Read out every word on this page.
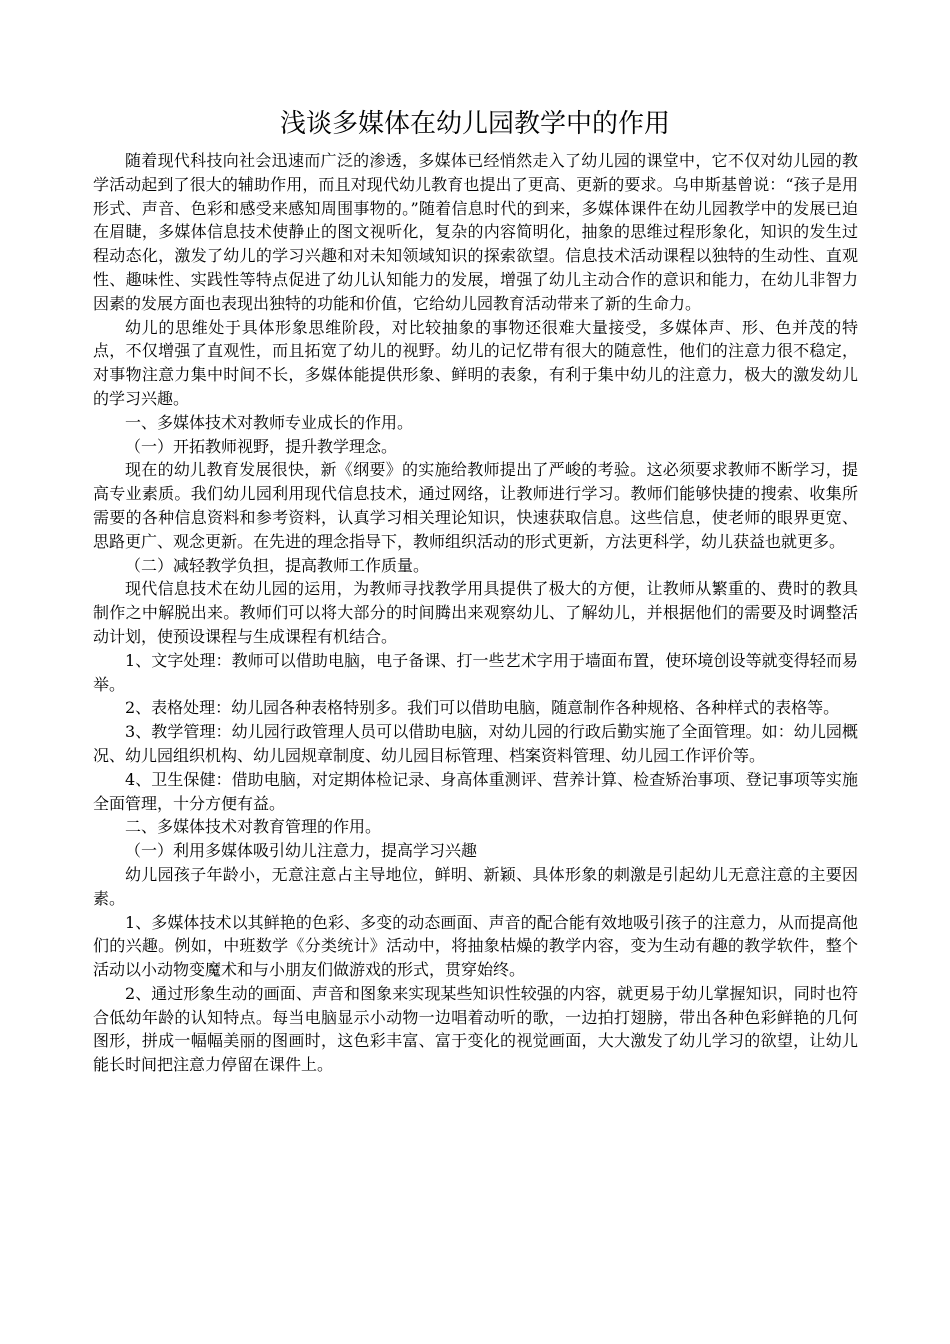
浅谈多媒体在幼儿园教学中的作用

随着现代科技向社会迅速而广泛的渗透，多媒体已经悄然走入了幼儿园的课堂中，它不仅对幼儿园的教学活动起到了很大的辅助作用，而且对现代幼儿教育也提出了更高、更新的要求。乌申斯基曾说：“孩子是用形式、声音、色彩和感受来感知周围事物的。”随着信息时代的到来，多媒体课件在幼儿园教学中的发展已迫在眉睫，多媒体信息技术使静止的图文视听化，复杂的内容简明化，抽象的思维过程形象化，知识的发生过程动态化，激发了幼儿的学习兴趣和对未知领域知识的探索欲望。信息技术活动课程以独特的生动性、直观性、趣味性、实践性等特点促进了幼儿认知能力的发展，增强了幼儿主动合作的意识和能力，在幼儿非智力因素的发展方面也表现出独特的功能和价值，它给幼儿园教育活动带来了新的生命力。

幼儿的思维处于具体形象思维阶段，对比较抽象的事物还很难大量接受，多媒体声、形、色并茂的特点，不仅增强了直观性，而且拓宽了幼儿的视野。幼儿的记忆带有很大的随意性，他们的注意力很不稳定，对事物注意力集中时间不长，多媒体能提供形象、鲜明的表象，有利于集中幼儿的注意力，极大的激发幼儿的学习兴趣。

一、多媒体技术对教师专业成长的作用。

（一）开拓教师视野，提升教学理念。

现在的幼儿教育发展很快，新《纲要》的实施给教师提出了严峻的考验。这必须要求教师不断学习，提高专业素质。我们幼儿园利用现代信息技术，通过网络，让教师进行学习。教师们能够快捷的搜索、收集所需要的各种信息资料和参考资料，认真学习相关理论知识，快速获取信息。这些信息，使老师的眼界更宽、思路更广、观念更新。在先进的理念指导下，教师组织活动的形式更新，方法更科学，幼儿获益也就更多。

（二）减轻教学负担，提高教师工作质量。

现代信息技术在幼儿园的运用，为教师寻找教学用具提供了极大的方便，让教师从繁重的、费时的教具制作之中解脱出来。教师们可以将大部分的时间腾出来观察幼儿、了解幼儿，并根据他们的需要及时调整活动计划，使预设课程与生成课程有机结合。

1、文字处理：教师可以借助电脑，电子备课、打一些艺术字用于墙面布置，使环境创设等就变得轻而易举。

2、表格处理：幼儿园各种表格特别多。我们可以借助电脑，随意制作各种规格、各种样式的表格等。

3、教学管理：幼儿园行政管理人员可以借助电脑，对幼儿园的行政后勤实施了全面管理。如：幼儿园概况、幼儿园组织机构、幼儿园规章制度、幼儿园目标管理、档案资料管理、幼儿园工作评价等。

4、卫生保健：借助电脑，对定期体检记录、身高体重测评、营养计算、检查矫治事项、登记事项等实施全面管理，十分方便有益。

二、多媒体技术对教育管理的作用。

（一）利用多媒体吸引幼儿注意力，提高学习兴趣

幼儿园孩子年龄小，无意注意占主导地位，鲜明、新颖、具体形象的刺激是引起幼儿无意注意的主要因素。

1、多媒体技术以其鲜艳的色彩、多变的动态画面、声音的配合能有效地吸引孩子的注意力，从而提高他们的兴趣。例如，中班数学《分类统计》活动中，将抽象枯燥的教学内容，变为生动有趣的教学软件，整个活动以小动物变魔术和与小朋友们做游戏的形式，贯穿始终。

2、通过形象生动的画面、声音和图象来实现某些知识性较强的内容，就更易于幼儿掌握知识，同时也符合低幼年龄的认知特点。每当电脑显示小动物一边唱着动听的歌，一边拍打翅膀，带出各种色彩鲜艳的几何图形，拼成一幅幅美丽的图画时，这色彩丰富、富于变化的视觉画面，大大激发了幼儿学习的欲望，让幼儿能长时间把注意力停留在课件上。
